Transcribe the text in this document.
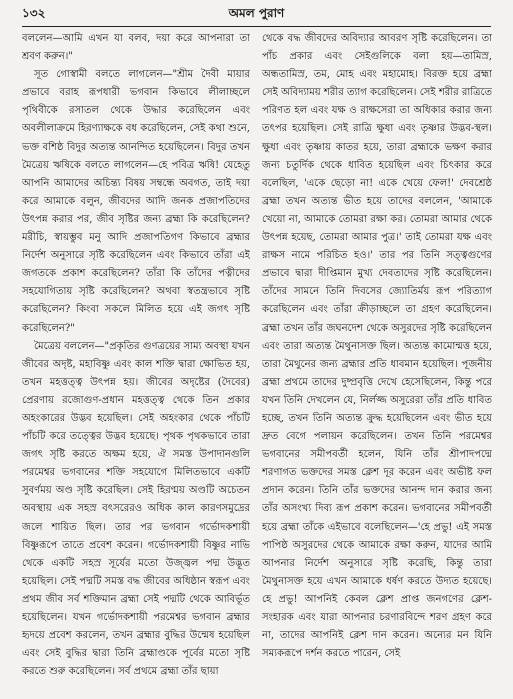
১৩২	অমল পুরাণ

বললেন—আমি এখন যা বলব, দয়া করে আপনারা তা শ্রবণ করুন।"

সূত গোস্বামী বলতে লাগলেন—"শ্রীম দৈবী মায়ার প্রভাবে বরাহ রূপধারী ভগবান কিভাবে লীলাচ্ছলে পৃথিবীকে রসাতল থেকে উদ্ধার করেছিলেন এবং অবলীলাক্রমে হিরণ্যাক্ষকে বধ করেছিলেন, সেই কথা শুনে, ভক্ত বশিষ্ঠ বিদুর অত্যন্ত আনন্দিত হয়েছিলেন। বিদুর তখন মৈত্রেয় ঋষিকে বলতে লাগলেন—হে পবিত্র ঋষি! যেহেতু আপনি আমাদের অচিন্ত্য বিষয় সম্বন্ধে অবগত, তাই দয়া করে আমাকে বলুন, জীবদের আদি জনক প্রজাপতিদের উৎপন্ন করার পর, জীব সৃষ্টির জন্য ব্রহ্মা কি করেছিলেন? মরীচি, স্বায়ম্ভুব মনু আদি প্রজাপতিগণ কিভাবে ব্রহ্মার নির্দেশ অনুসারে সৃষ্টি করেছিলেন এবং কিভাবে তাঁরা এই জগতকে প্রকাশ করেছিলেন? তাঁরা কি তাঁদের পত্নীদের সহযোগিতায় সৃষ্টি করেছিলেন? অথবা স্বতন্ত্রভাবে সৃষ্টি করেছিলেন? কিংবা সকলে মিলিত হয়ে এই জগৎ সৃষ্টি করেছিলেন?"

মৈত্রেয় বললেন—"প্রকৃতির গুণত্রয়ের সাম্য অবস্থা যখন জীবের অদৃষ্ট, মহাবিষ্ণু এবং কাল শক্তি দ্বারা ক্ষোভিত হয়, তখন মহত্তত্ত্ব উৎপন্ন হয়। জীবের অদৃষ্টের (দৈবের) প্রেরণায় রজোগুণ-প্রধান মহত্তত্ত্ব থেকে তিন প্রকার অহংকারের উদ্ভব হয়েছিল। সেই অহংকার থেকে পাঁচটি পাঁচটি করে তত্ত্বের উদ্ভব হয়েছে। পৃথক পৃথকভাবে তারা জগৎ সৃষ্টি করতে অক্ষম হয়ে, ঐ সমস্ত উপাদানগুলি পরমেশ্বর ভগবানের শক্তি সহযোগে মিলিতভাবে একটি সুবর্ণময় অণ্ড সৃষ্টি করেছিল। সেই হিরণ্ময় অণ্ডটি অচেতন অবস্থায় এক সহস্র বৎসরেরও অধিক কাল কারণসমুদ্রের জলে শায়িত ছিল। তার পর ভগবান গর্ভোদকশায়ী বিষ্ণুরূপে তাতে প্রবেশ করেন। গর্ভোদকশায়ী বিষ্ণুর নাভি থেকে একটি সহস্র সূর্যের মতো উজ্জ্বল পদ্ম উদ্ভূত হয়েছিল। সেই পদ্মটি সমস্ত বদ্ধ জীবের অধিষ্ঠান স্বরূপ এবং প্রথম জীব সর্ব শক্তিমান ব্রহ্মা সেই পদ্মটি থেকে আবির্ভূত হয়েছিলেন। যখন গর্ভোদকশায়ী পরমেশ্বর ভগবান ব্রহ্মার হৃদয়ে প্রবেশ করলেন, তখন ব্রহ্মার বুদ্ধির উন্মেষ হয়েছিল এবং সেই বুদ্ধির দ্বারা তিনি ব্রহ্মাণ্ডকে পূর্বের মতো সৃষ্টি করতে শুরু করেছিলেন। সর্ব প্রথমে ব্রহ্মা তাঁর ছায়া

থেকে বদ্ধ জীবদের অবিদ্যার আবরণ সৃষ্টি করেছিলেন। তা পাঁচ প্রকার এবং সেইগুলিকে বলা হয়—তামিস্র, অন্ধতামিস্র, তম, মোহ এবং মহামোহ। বিরক্ত হয়ে ব্রহ্মা সেই অবিদ্যাময় শরীর ত্যাগ করেছিলেন। সেই শরীর রাত্রিতে পরিণত হল এবং যক্ষ ও রাক্ষসেরা তা অধিকার করার জন্য তৎপর হয়েছিল। সেই রাত্রি ক্ষুধা এবং তৃষ্ণার উদ্ভব-স্থল। ক্ষুধা এবং তৃষ্ণায় কাতর হয়ে, তারা ব্রহ্মাকে ভক্ষণ করার জন্য চতুর্দিক থেকে ধাবিত হয়েছিল এবং চিৎকার করে বলেছিল, 'একে ছেড়ো না! একে খেয়ে ফেল!' দেবশ্রেষ্ঠ ব্রহ্মা তখন অত্যন্ত ভীত হয়ে তাদের বললেন, 'আমাকে খেয়ো না, আমাকে তোমরা রক্ষা কর। তোমরা আমার থেকে উৎপন্ন হয়েছ, তোমরা আমার পুত্র।' তাই তোমরা যক্ষ এবং রাক্ষস নামে পরিচিত হও।' তার পর তিনি সত্ত্বগুণের প্রভাবে দ্বারা দীপ্তিমান মুখ্য দেবতাদের সৃষ্টি করেছিলেন। তাঁদের সামনে তিনি দিবসের জ্যোতির্ময় রূপ পরিত্যাগ করেছিলেন এবং তাঁরা ক্রীড়াচ্ছলে তা গ্রহণ করেছিলেন। ব্রহ্মা তখন তাঁর জঘনদেশ থেকে অসুরদের সৃষ্টি করেছিলেন এবং তারা অত্যন্ত মৈথুনাসক্ত ছিল। অত্যন্ত কামোন্মত্ত হয়ে, তারা মৈথুনের জন্য ব্রহ্মার প্রতি ধাবমান হয়েছিল। পূজনীয় ব্রহ্মা প্রথমে তাদের দুষ্প্রবৃত্তি দেখে হেসেছিলেন, কিন্তু পরে যখন তিনি দেখলেন যে, নির্লজ্জ অসুরেরা তাঁর প্রতি ধাবিত হচ্ছে, তখন তিনি অত্যন্ত ক্রুদ্ধ হয়েছিলেন এবং ভীত হয়ে দ্রুত বেগে পলায়ন করেছিলেন। তখন তিনি পরমেশ্বর ভগবানের সমীপবর্তী হলেন, যিনি তাঁর শ্রীপাদপদ্মে শরণাগত ভক্তদের সমস্ত ক্লেশ দূর করেন এবং অভীষ্ট ফল প্রদান করেন। তিনি তাঁর ভক্তদের আনন্দ দান করার জন্য তাঁর অসংখ্য দিব্য রূপ প্রকাশ করেন। ভগবানের সমীপবর্তী হয়ে ব্রহ্মা তাঁকে এইভাবে বলেছিলেন—'হে প্রভু! এই সমস্ত পাপিষ্ঠ অসুরদের থেকে আমাকে রক্ষা করুন, যাদের আমি আপনার নির্দেশ অনুসারে সৃষ্টি করেছি, কিন্তু তারা মৈথুনাসক্ত হয়ে এখন আমাকে ধর্ষণ করতে উদ্যত হয়েছে। হে প্রভু! আপনিই কেবল ক্লেশ প্রাপ্ত জনগণের ক্লেশ-সংহারক এবং যারা আপনার চরণারবিন্দে শরণ গ্রহণ করে না, তাদের আপনিই ক্লেশ দান করেন। অন্যের মন যিনি সম্যকরূপে দর্শন করতে পারেন, সেই
